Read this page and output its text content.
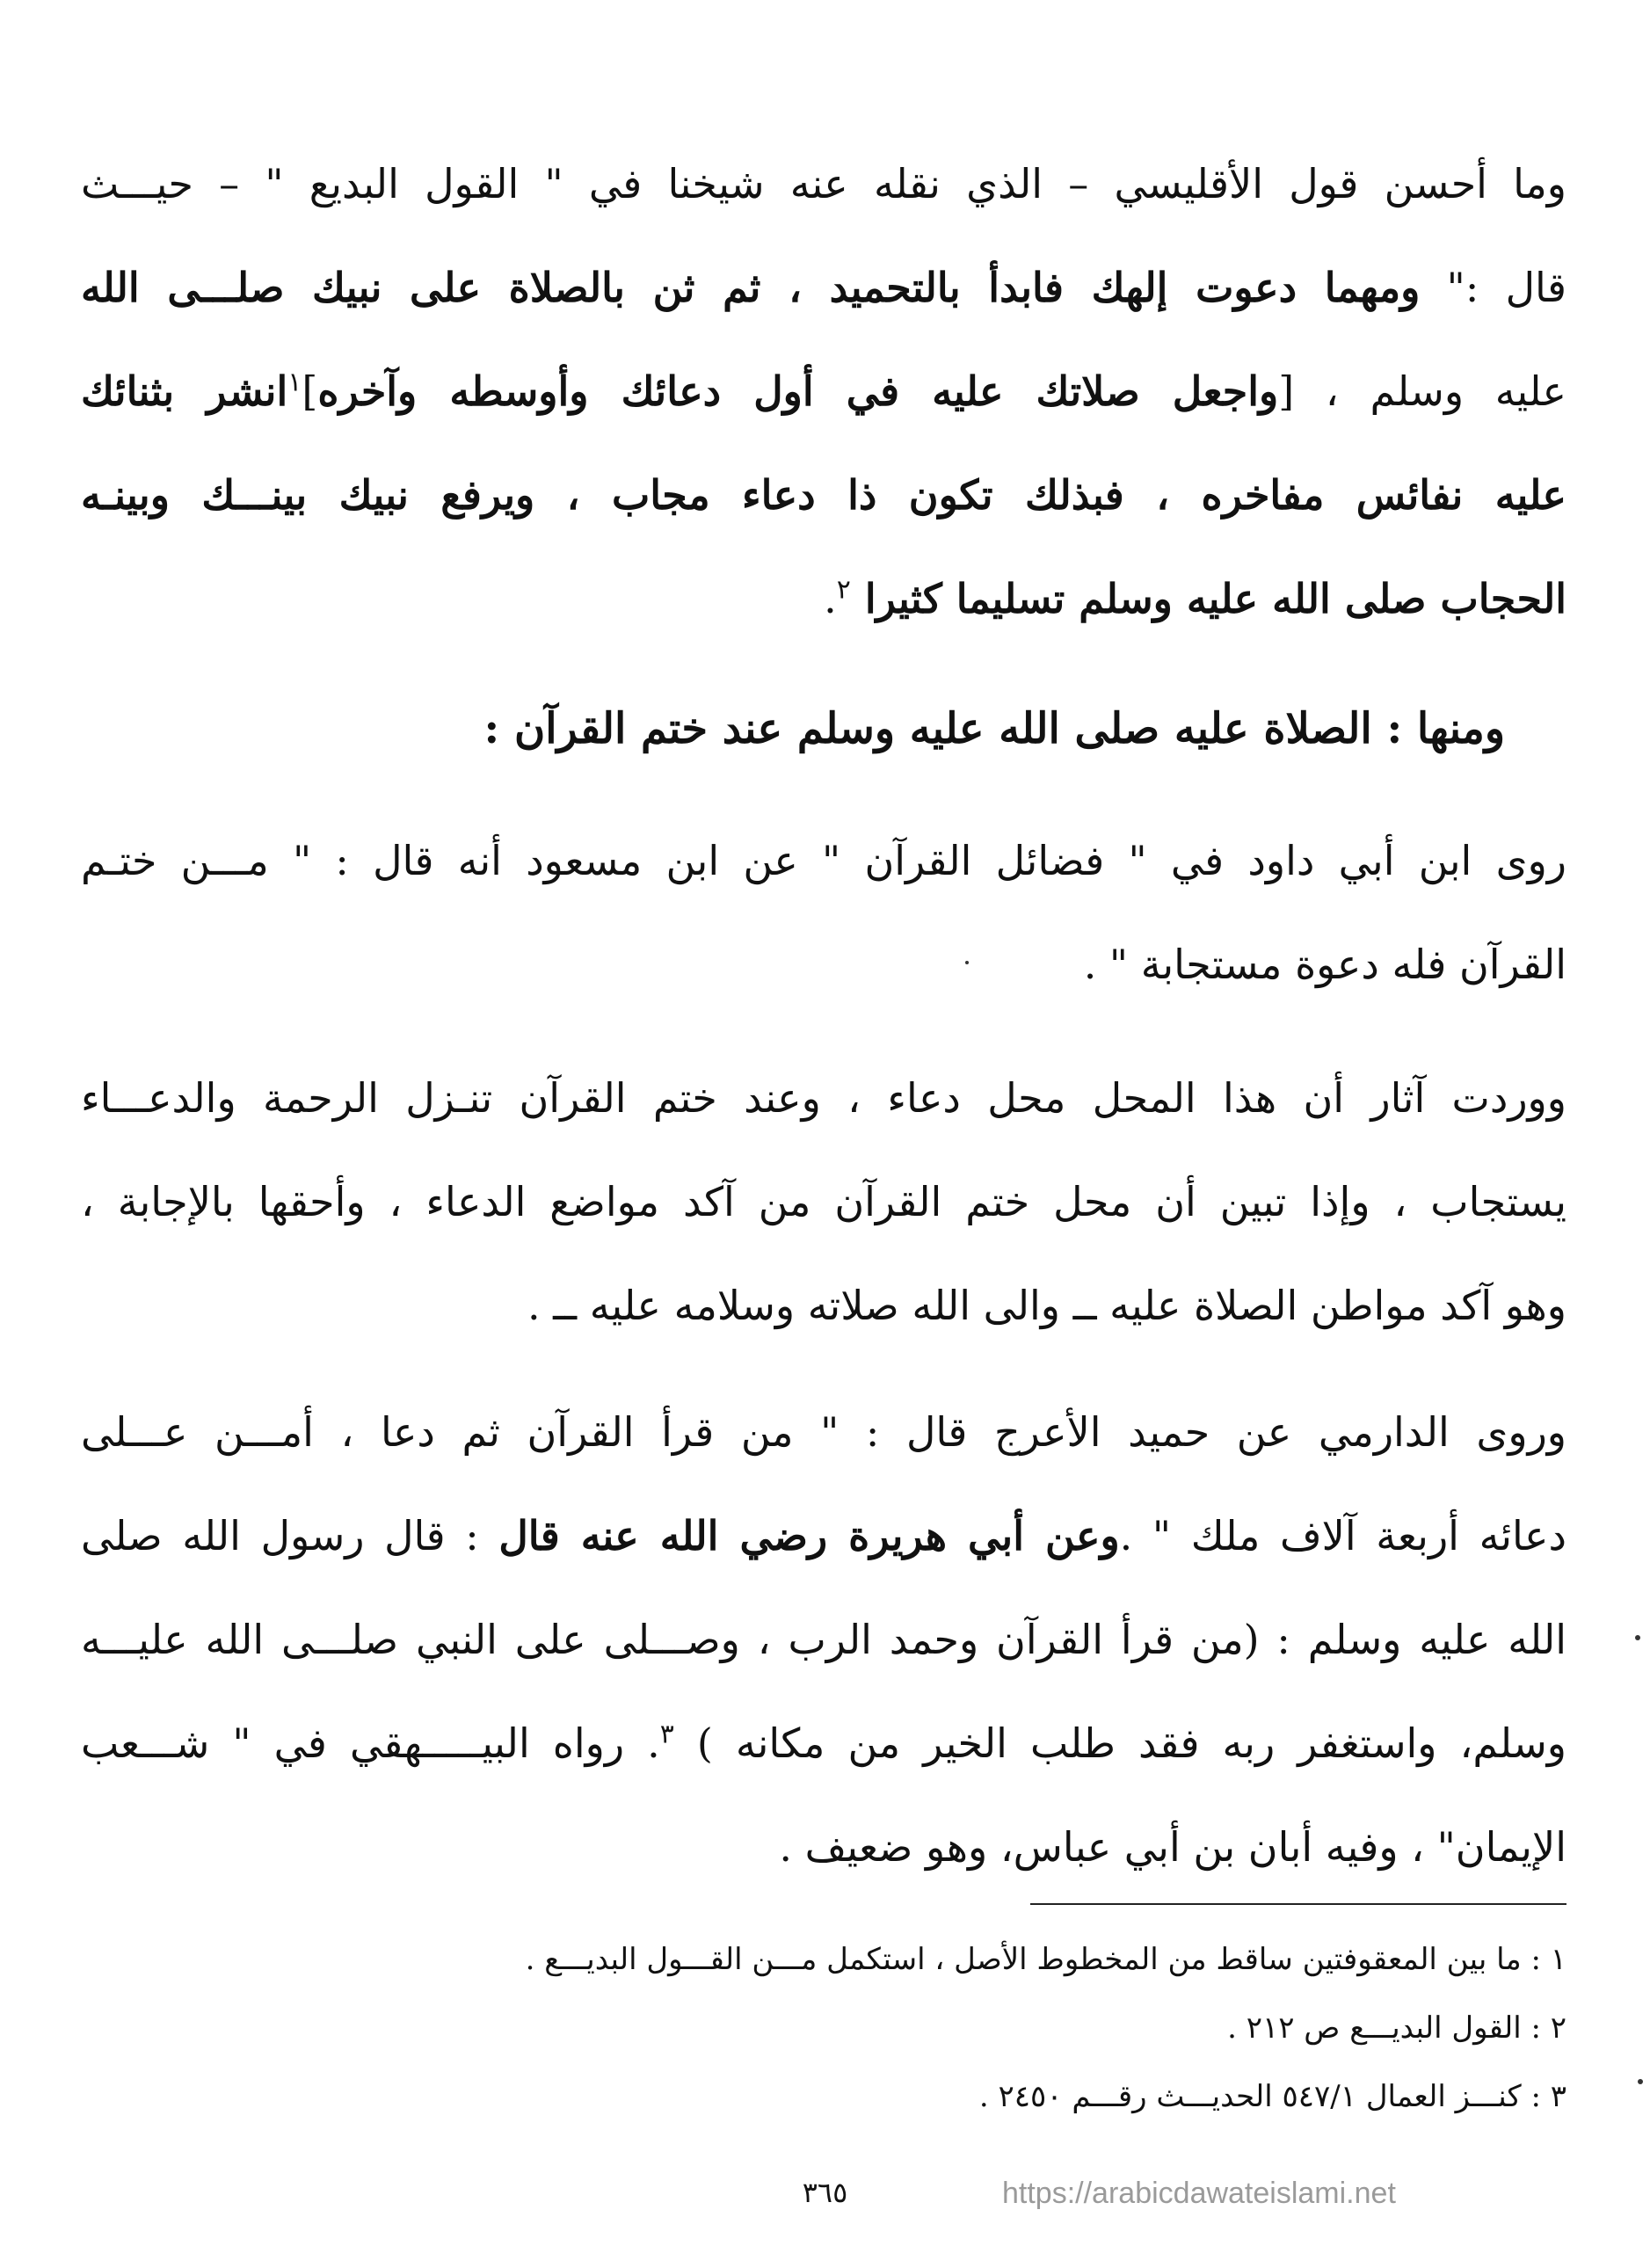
وما أحسن قول الأقليسي – الذي نقله عنه شيخنا في " القول البديع " – حيـــث
قال :" ومهما دعوت إلهك فابدأ بالتحميد ، ثم ثن بالصلاة على نبيك صلـــى الله
عليه وسلم ، [واجعل صلاتك عليه في أول دعائك وأوسطه وآخره]$^١$انشر بثنائك
عليه نفائس مفاخره ، فبذلك تكون ذا دعاء مجاب ، ويرفع نبيك بينـــك وبينـه
الحجاب صلى الله عليه وسلم تسليما كثيرا $^٢$.
ومنها : الصلاة عليه صلى الله عليه وسلم عند ختم القرآن :
روى ابن أبي داود في " فضائل القرآن " عن ابن مسعود أنه قال : " مـــن ختـم
القرآن فله دعوة مستجابة " .
ووردت آثار أن هذا المحل محل دعاء ، وعند ختم القرآن تنـزل الرحمة والدعـــاء
يستجاب ، وإذا تبين أن محل ختم القرآن من آكد مواضع الدعاء ، وأحقها بالإجابة ،
وهو آكد مواطن الصلاة عليه ــ والى الله صلاته وسلامه عليه ــ .
وروى الدارمي عن حميد الأعرج قال : " من قرأ القرآن ثم دعا ، أمـــن عـــلى
دعائه أربعة آلاف ملك " .وعن أبي هريرة رضي الله عنه قال : قال رسول الله صلى
الله عليه وسلم : (من قرأ القرآن وحمد الرب ، وصـــلى على النبي صلـــى الله عليـــه
وسلم، واستغفر ربه فقد طلب الخير من مكانه ) $^٣$. رواه البيـــــهقي في " شـــعب
الإيمان" ، وفيه أبان بن أبي عباس، وهو ضعيف .
١ : ما بين المعقوفتين ساقط من المخطوط الأصل ، استكمل مـــن القـــول البديـــع .
٢ : القول البديـــع ص ٢١٢ .
٣ : كنـــز العمال ٥٤٧/١ الحديـــث رقـــم ٢٤٥٠ .
٣٦٥	https://arabicdawateislami.net
